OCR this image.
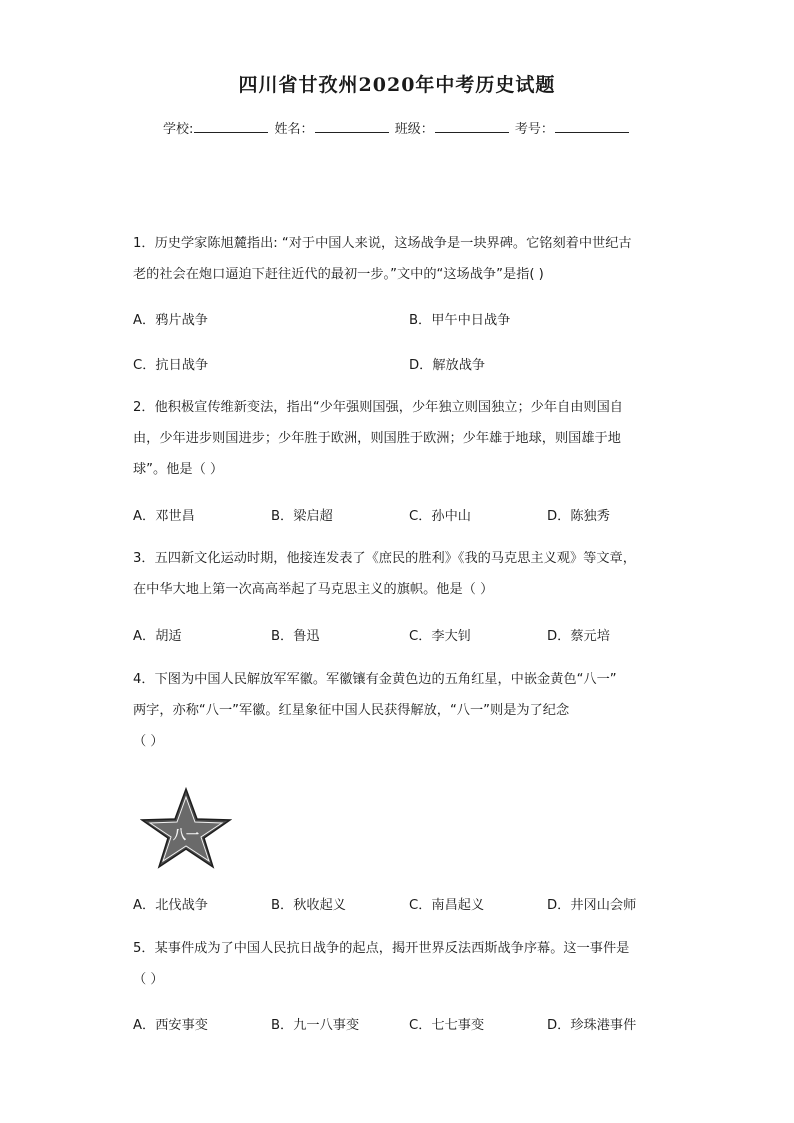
四川省甘孜州2020年中考历史试题
学校:	姓名：	班级：	考号：

1．历史学家陈旭麓指出: “对于中国人来说，这场战争是一块界碑。它铭刻着中世纪古

老的社会在炮口逼迫下赶往近代的最初一步。”文中的“这场战争”是指( )

A．鸦片战争	B．甲午中日战争
C．抗日战争	D．解放战争

2．他积极宣传维新变法，指出“少年强则国强，少年独立则国独立；少年自由则国自

由，少年进步则国进步；少年胜于欧洲，则国胜于欧洲；少年雄于地球，则国雄于地

球”。他是（ ）

A．邓世昌	B．梁启超	C．孙中山	D．陈独秀

3．五四新文化运动时期，他接连发表了《庶民的胜利》《我的马克思主义观》等文章，

在中华大地上第一次高高举起了马克思主义的旗帜。他是（ ）

A．胡适	B．鲁迅	C．李大钊	D．蔡元培

4．下图为中国人民解放军军徽。军徽镶有金黄色边的五角红星，中嵌金黄色“八一”

两字，亦称“八一”军徽。红星象征中国人民获得解放，“八一”则是为了纪念

（ ）

八一
A．北伐战争	B．秋收起义	C．南昌起义	D．井冈山会师

5．某事件成为了中国人民抗日战争的起点，揭开世界反法西斯战争序幕。这一事件是

（ ）

A．西安事变	B．九一八事变	C．七七事变	D．珍珠港事件
